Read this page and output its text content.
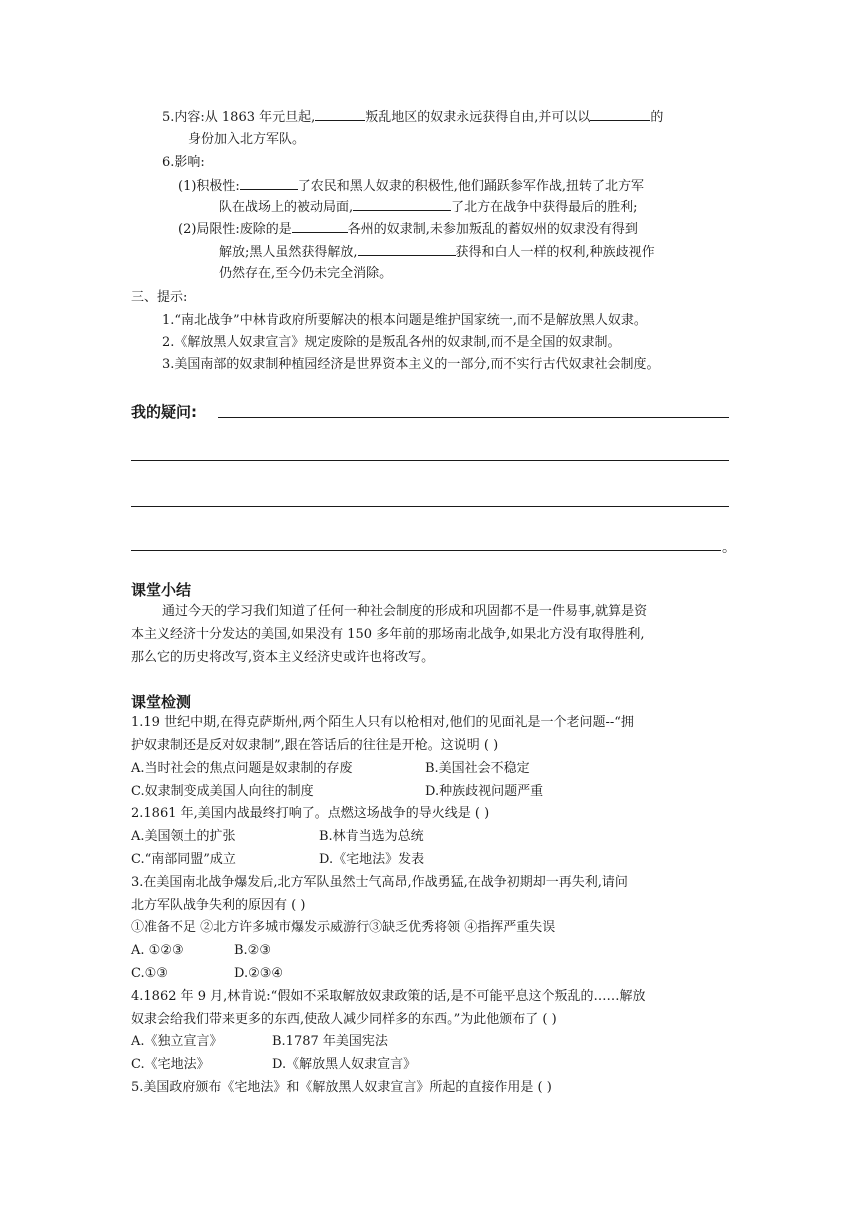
5.内容:从 1863 年元旦起,	叛乱地区的奴隶永远获得自由,并可以以	的
身份加入北方军队。
6.影响:
(1)积极性:	了农民和黑人奴隶的积极性,他们踊跃参军作战,扭转了北方军
队在战场上的被动局面,	了北方在战争中获得最后的胜利;
(2)局限性:废除的是	各州的奴隶制,未参加叛乱的蓄奴州的奴隶没有得到
解放;黑人虽然获得解放,	获得和白人一样的权利,种族歧视作
仍然存在,至今仍未完全消除。
三、提示:
1.“南北战争”中林肯政府所要解决的根本问题是维护国家统一,而不是解放黑人奴隶。
2.《解放黑人奴隶宣言》规定废除的是叛乱各州的奴隶制,而不是全国的奴隶制。
3.美国南部的奴隶制种植园经济是世界资本主义的一部分,而不实行古代奴隶社会制度。
我的疑问:
。
课堂小结
通过今天的学习我们知道了任何一种社会制度的形成和巩固都不是一件易事,就算是资
本主义经济十分发达的美国,如果没有 150 多年前的那场南北战争,如果北方没有取得胜利,
那么它的历史将改写,资本主义经济史或许也将改写。
课堂检测
1.19 世纪中期,在得克萨斯州,两个陌生人只有以枪相对,他们的见面礼是一个老问题--“拥
护奴隶制还是反对奴隶制”,跟在答话后的往往是开枪。这说明 ( )
A.当时社会的焦点问题是奴隶制的存废	B.美国社会不稳定
C.奴隶制变成美国人向往的制度	D.种族歧视问题严重
2.1861 年,美国内战最终打响了。点燃这场战争的导火线是 ( )
A.美国领土的扩张	B.林肯当选为总统
C.“南部同盟”成立	D.《宅地法》发表
3.在美国南北战争爆发后,北方军队虽然士气高昂,作战勇猛,在战争初期却一再失利,请问
北方军队战争失利的原因有 ( )
①准备不足 ②北方许多城市爆发示威游行③缺乏优秀将领 ④指挥严重失误
A. ①②③	B.②③
C.①③	D.②③④
4.1862 年 9 月,林肯说:“假如不采取解放奴隶政策的话,是不可能平息这个叛乱的……解放
奴隶会给我们带来更多的东西,使敌人减少同样多的东西。”为此他颁布了 ( )
A.《独立宣言》	B.1787 年美国宪法
C.《宅地法》	D.《解放黑人奴隶宣言》
5.美国政府颁布《宅地法》和《解放黑人奴隶宣言》所起的直接作用是 ( )
